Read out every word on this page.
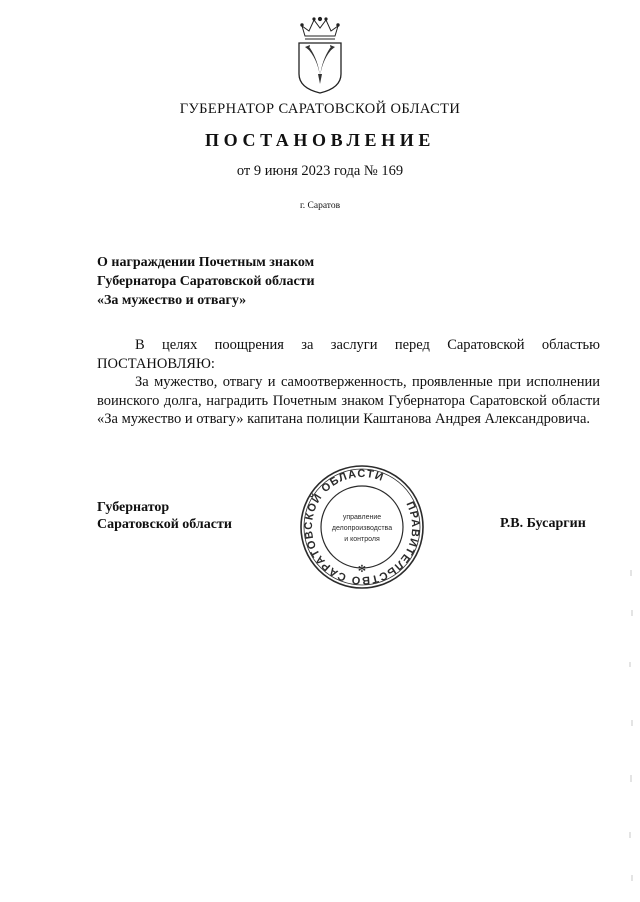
ГУБЕРНАТОР САРАТОВСКОЙ ОБЛАСТИ
ПОСТАНОВЛЕНИЕ
от 9 июня 2023 года № 169
г. Саратов
О награждении Почетным знаком
Губернатора Саратовской области
«За мужество и отвагу»

В целях поощрения за заслуги перед Саратовской областью ПОСТАНОВЛЯЮ:

За мужество, отвагу и самоотверженность, проявленные при исполнении воинского долга, наградить Почетным знаком Губернатора Саратовской области «За мужество и отвагу» капитана полиции Каштанова Андрея Александровича.

Губернатор
Саратовской области	Р.В. Бусаргин
ПРАВИТЕЛЬСТВО САРАТОВСКОЙ ОБЛАСТИ
✻
управление
делопроизводства
и контроля
